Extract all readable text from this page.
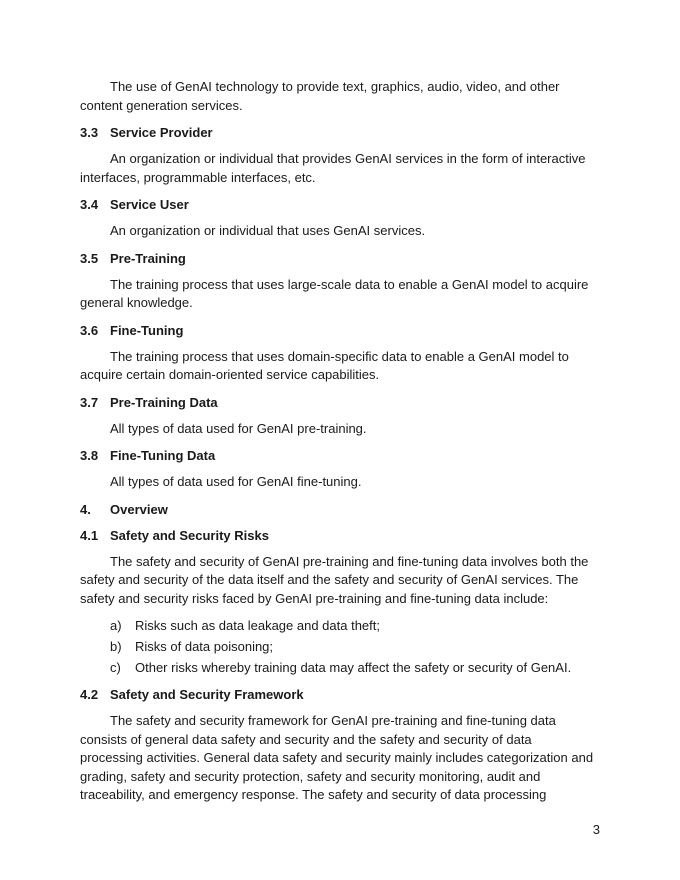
The use of GenAI technology to provide text, graphics, audio, video, and other content generation services.

3.3 Service Provider

An organization or individual that provides GenAI services in the form of interactive interfaces, programmable interfaces, etc.

3.4 Service User

An organization or individual that uses GenAI services.

3.5 Pre-Training

The training process that uses large-scale data to enable a GenAI model to acquire general knowledge.

3.6 Fine-Tuning

The training process that uses domain-specific data to enable a GenAI model to acquire certain domain-oriented service capabilities.

3.7 Pre-Training Data

All types of data used for GenAI pre-training.

3.8 Fine-Tuning Data

All types of data used for GenAI fine-tuning.

4.	Overview
4.1 Safety and Security Risks

The safety and security of GenAI pre-training and fine-tuning data involves both the safety and security of the data itself and the safety and security of GenAI services. The safety and security risks faced by GenAI pre-training and fine-tuning data include:

a)	Risks such as data leakage and data theft;
b)	Risks of data poisoning;
c)	Other risks whereby training data may affect the safety or security of GenAI.
4.2 Safety and Security Framework

The safety and security framework for GenAI pre-training and fine-tuning data consists of general data safety and security and the safety and security of data processing activities. General data safety and security mainly includes categorization and grading, safety and security protection, safety and security monitoring, audit and traceability, and emergency response. The safety and security of data processing

3
